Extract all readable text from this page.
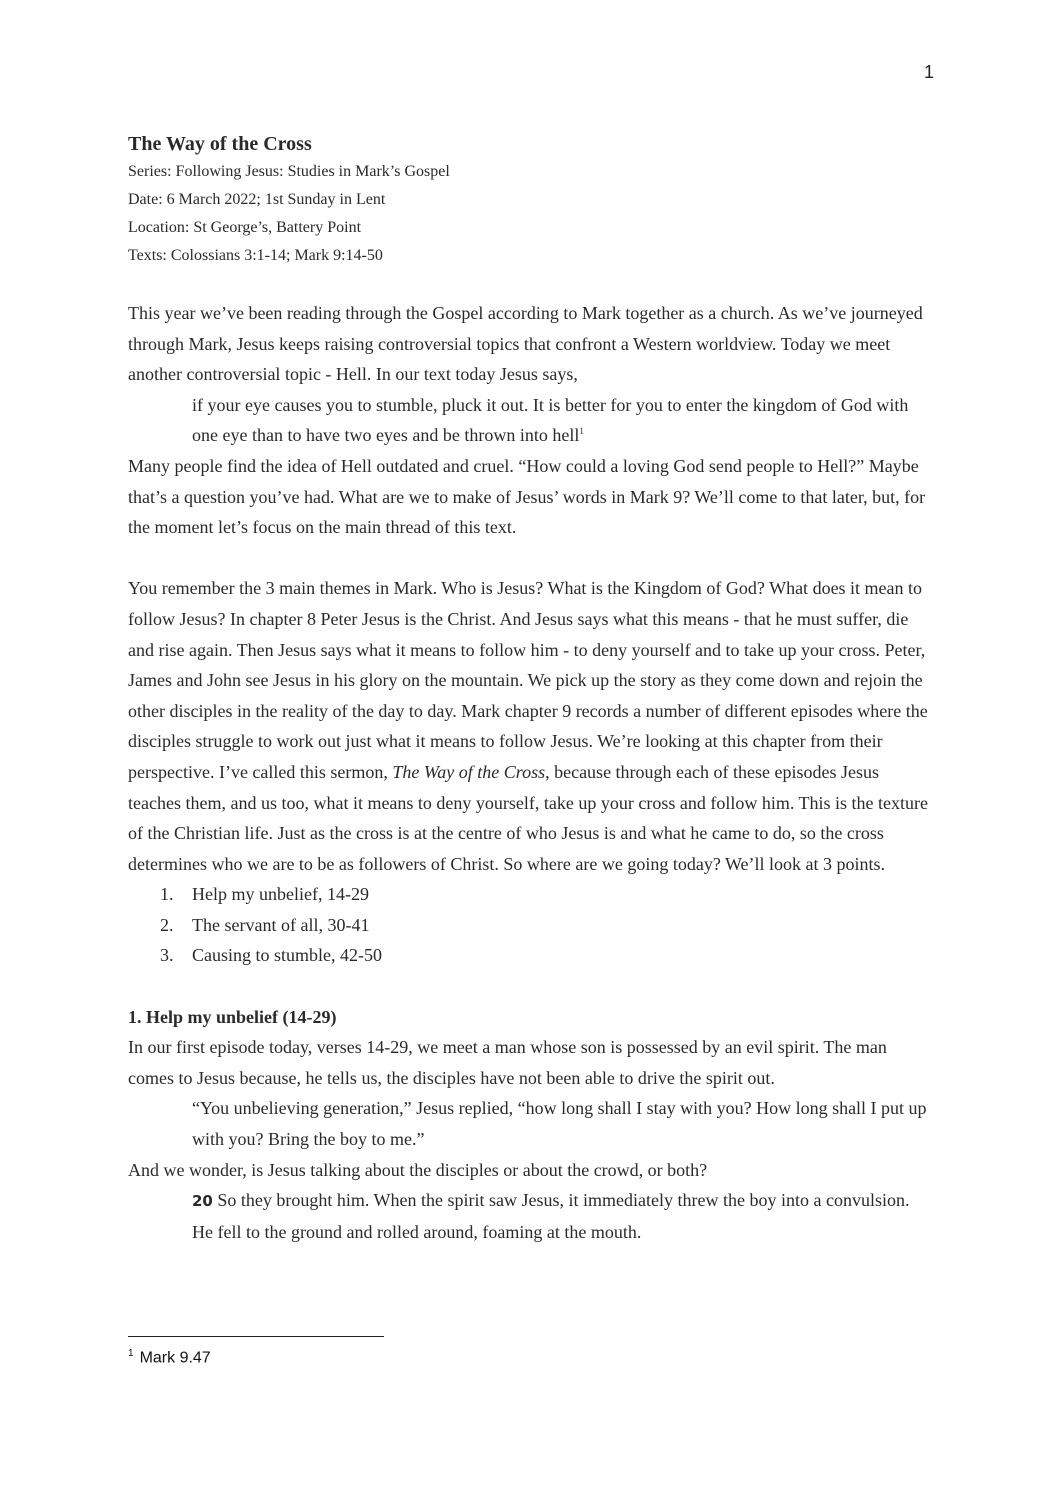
1

The Way of the Cross

Series: Following Jesus: Studies in Mark’s Gospel

Date: 6 March 2022; 1st Sunday in Lent

Location: St George’s, Battery Point

Texts: Colossians 3:1-14; Mark 9:14-50

This year we’ve been reading through the Gospel according to Mark together as a church. As we’ve journeyed through Mark, Jesus keeps raising controversial topics that confront a Western worldview. Today we meet another controversial topic - Hell. In our text today Jesus says,

if your eye causes you to stumble, pluck it out. It is better for you to enter the kingdom of God with one eye than to have two eyes and be thrown into hell$^1$

Many people find the idea of Hell outdated and cruel. “How could a loving God send people to Hell?” Maybe that’s a question you’ve had. What are we to make of Jesus’ words in Mark 9? We’ll come to that later, but, for the moment let’s focus on the main thread of this text.

You remember the 3 main themes in Mark. Who is Jesus? What is the Kingdom of God? What does it mean to follow Jesus? In chapter 8 Peter Jesus is the Christ. And Jesus says what this means - that he must suffer, die and rise again. Then Jesus says what it means to follow him - to deny yourself and to take up your cross. Peter, James and John see Jesus in his glory on the mountain. We pick up the story as they come down and rejoin the other disciples in the reality of the day to day. Mark chapter 9 records a number of different episodes where the disciples struggle to work out just what it means to follow Jesus. We’re looking at this chapter from their perspective. I’ve called this sermon, The Way of the Cross, because through each of these episodes Jesus teaches them, and us too, what it means to deny yourself, take up your cross and follow him. This is the texture of the Christian life. Just as the cross is at the centre of who Jesus is and what he came to do, so the cross determines who we are to be as followers of Christ. So where are we going today? We’ll look at 3 points.

1.	Help my unbelief, 14-29
2.	The servant of all, 30-41
3.	Causing to stumble, 42-50

1. Help my unbelief (14-29)

In our first episode today, verses 14-29, we meet a man whose son is possessed by an evil spirit. The man comes to Jesus because, he tells us, the disciples have not been able to drive the spirit out.

“You unbelieving generation,” Jesus replied, “how long shall I stay with you? How long shall I put up with you? Bring the boy to me.”

And we wonder, is Jesus talking about the disciples or about the crowd, or both?

20 So they brought him. When the spirit saw Jesus, it immediately threw the boy into a convulsion. He fell to the ground and rolled around, foaming at the mouth.

$^1$ Mark 9.47
